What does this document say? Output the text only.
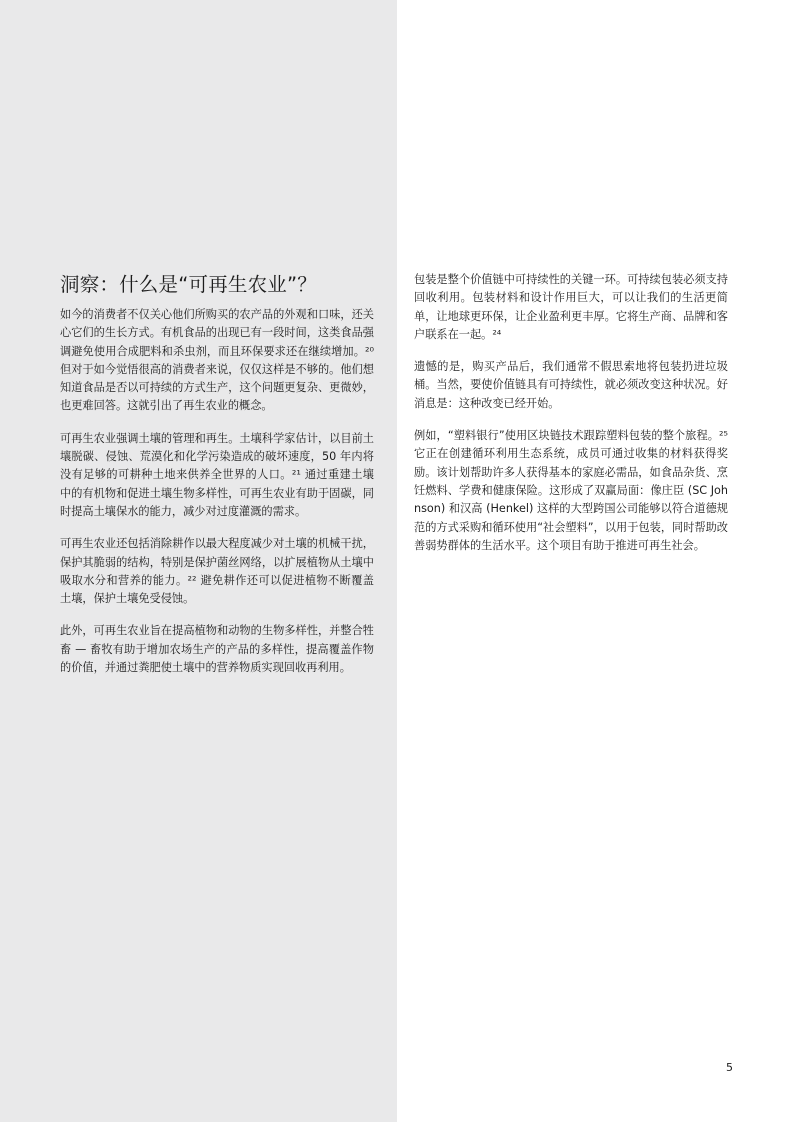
洞察：什么是“可再生农业”？

如今的消费者不仅关心他们所购买的农产品的外观和口味，还关心它们的生长方式。有机食品的出现已有一段时间，这类食品强调避免使用合成肥料和杀虫剂，而且环保要求还在继续增加。²⁰ 但对于如今觉悟很高的消费者来说，仅仅这样是不够的。他们想知道食品是否以可持续的方式生产，这个问题更复杂、更微妙，也更难回答。这就引出了再生农业的概念。

可再生农业强调土壤的管理和再生。土壤科学家估计，以目前土壤脱碳、侵蚀、荒漠化和化学污染造成的破坏速度，50 年内将没有足够的可耕种土地来供养全世界的人口。²¹ 通过重建土壤中的有机物和促进土壤生物多样性，可再生农业有助于固碳，同时提高土壤保水的能力，减少对过度灌溉的需求。

可再生农业还包括消除耕作以最大程度减少对土壤的机械干扰，保护其脆弱的结构，特别是保护菌丝网络，以扩展植物从土壤中吸取水分和营养的能力。²² 避免耕作还可以促进植物不断覆盖土壤，保护土壤免受侵蚀。

此外，可再生农业旨在提高植物和动物的生物多样性，并整合牲畜 — 畜牧有助于增加农场生产的产品的多样性，提高覆盖作物的价值，并通过粪肥使土壤中的营养物质实现回收再利用。

包装是整个价值链中可持续性的关键一环。可持续包装必须支持回收利用。包装材料和设计作用巨大，可以让我们的生活更简单，让地球更环保，让企业盈利更丰厚。它将生产商、品牌和客户联系在一起。²⁴

遗憾的是，购买产品后，我们通常不假思索地将包装扔进垃圾桶。当然，要使价值链具有可持续性，就必须改变这种状况。好消息是：这种改变已经开始。

例如，“塑料银行”使用区块链技术跟踪塑料包装的整个旅程。²⁵ 它正在创建循环利用生态系统，成员可通过收集的材料获得奖励。该计划帮助许多人获得基本的家庭必需品，如食品杂货、烹饪燃料、学费和健康保险。这形成了双赢局面：像庄臣 (SC Johnson) 和汉高 (Henkel) 这样的大型跨国公司能够以符合道德规范的方式采购和循环使用“社会塑料”，以用于包装，同时帮助改善弱势群体的生活水平。这个项目有助于推进可再生社会。

5
